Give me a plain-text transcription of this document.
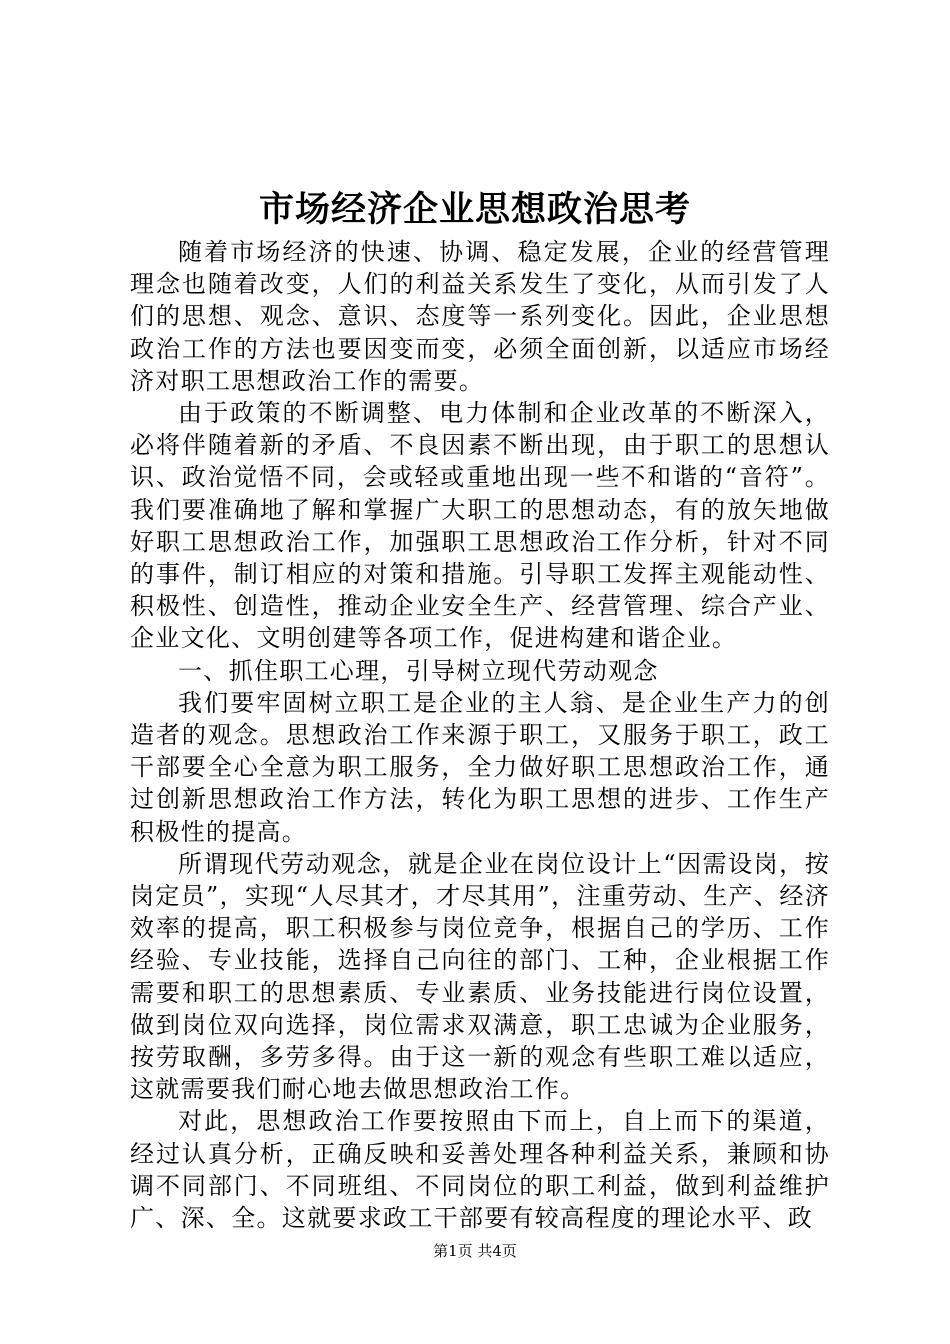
市场经济企业思想政治思考

随着市场经济的快速、协调、稳定发展，企业的经营管理理念也随着改变，人们的利益关系发生了变化，从而引发了人们的思想、观念、意识、态度等一系列变化。因此，企业思想政治工作的方法也要因变而变，必须全面创新，以适应市场经济对职工思想政治工作的需要。

由于政策的不断调整、电力体制和企业改革的不断深入，必将伴随着新的矛盾、不良因素不断出现，由于职工的思想认识、政治觉悟不同，会或轻或重地出现一些不和谐的“音符”。我们要准确地了解和掌握广大职工的思想动态，有的放矢地做好职工思想政治工作，加强职工思想政治工作分析，针对不同的事件，制订相应的对策和措施。引导职工发挥主观能动性、积极性、创造性，推动企业安全生产、经营管理、综合产业、企业文化、文明创建等各项工作，促进构建和谐企业。

一、抓住职工心理，引导树立现代劳动观念

我们要牢固树立职工是企业的主人翁、是企业生产力的创造者的观念。思想政治工作来源于职工，又服务于职工，政工干部要全心全意为职工服务，全力做好职工思想政治工作，通过创新思想政治工作方法，转化为职工思想的进步、工作生产积极性的提高。

所谓现代劳动观念，就是企业在岗位设计上“因需设岗，按岗定员”，实现“人尽其才，才尽其用”，注重劳动、生产、经济效率的提高，职工积极参与岗位竞争，根据自己的学历、工作经验、专业技能，选择自己向往的部门、工种，企业根据工作需要和职工的思想素质、专业素质、业务技能进行岗位设置，做到岗位双向选择，岗位需求双满意，职工忠诚为企业服务，按劳取酬，多劳多得。由于这一新的观念有些职工难以适应，这就需要我们耐心地去做思想政治工作。

对此，思想政治工作要按照由下而上，自上而下的渠道，经过认真分析，正确反映和妥善处理各种利益关系，兼顾和协调不同部门、不同班组、不同岗位的职工利益，做到利益维护广、深、全。这就要求政工干部要有较高程度的理论水平、政

第1页 共4页
